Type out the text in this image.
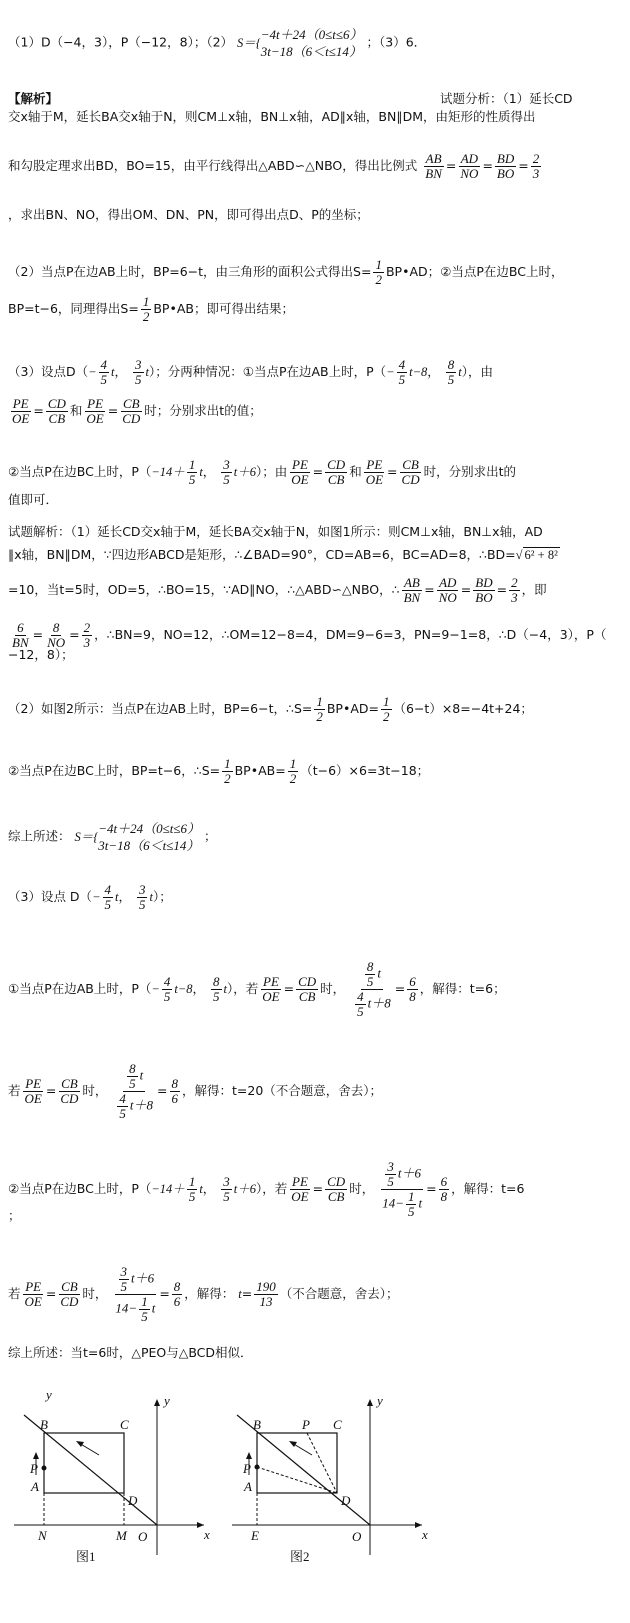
（1）D（−4，3），P（−12，8）；（2） S＝{
−4t＋24（0≤t≤6）
3t−18（6＜t≤14）
；（3）6．
【解析】	试题分析：（1）延长CD
交x轴于M，延长BA交x轴于N，则CM⊥x轴，BN⊥x轴，AD∥x轴，BN∥DM，由矩形的性质得出
和勾股定理求出BD，BO=15，由平行线得出△ABD∽△NBO，得出比例式 $\frac{AB}{BN} = \frac{AD}{NO} = \frac{BD}{BO} = \frac{2}{3}$
，求出BN、NO，得出OM、DN、PN，即可得出点D、P的坐标；
（2）当点P在边AB上时，BP=6−t，由三角形的面积公式得出$S= \frac{1}{2}$ BP•AD；②当点P在边BC上时，
BP=t−6，同理得出$S= \frac{1}{2}$ BP•AB；即可得出结果；
（3）设点$D(- \frac{4}{5}$ t， $\frac{3}{5} t$）；分两种情况：①当点P在边AB上时，$P(- \frac{4}{5} t-8$， $\frac{8}{5} t$），由
$\frac{PE}{OE} = \frac{CD}{CB}$ 和 $\frac{PE}{OE} = \frac{CB}{CD}$ 时；分别求出t的值；
②当点P在边BC上时，$P(-14+ \frac{1}{5}$ t， $\frac{3}{5} t+6$）；由 $\frac{PE}{OE} = \frac{CD}{CB}$ 和 $\frac{PE}{OE} = \frac{CB}{CD}$ 时，分别求出t的
值即可．
试题解析：（1）延长CD交x轴于M，延长BA交x轴于N，如图1所示：则CM⊥x轴，BN⊥x轴，AD
∥x轴，BN∥DM，∵四边形ABCD是矩形，∴∠BAD=90°，CD=AB=6，BC=AD=8，∴BD=√ 6² + 8²
=10，当t=5时，OD=5，∴BO=15，∵AD∥NO，∴△ABD∽△NBO，∴ $\frac{AB}{BN} = \frac{AD}{NO} = \frac{BD}{BO} = \frac{2}{3}$ ，即
$\frac{6}{BN} = \frac{8}{NO} = \frac{2}{3}$ ，∴BN=9，NO=12，∴OM=12−8=4，DM=9−6=3，PN=9−1=8，∴D（−4，3），P（
−12，8）；
（2）如图2所示：当点P在边AB上时，BP=6−t，∴S= $\frac{1}{2}$ BP•AD= $\frac{1}{2} (6-t)\times 8=-4t+24$；
②当点P在边BC上时，BP=t−6，∴S= $\frac{1}{2}$ BP•AB= $\frac{1}{2} (t-6)\times 6=3t-18$；
综上所述： S＝{
−4t＋24（0≤t≤6）
3t−18（6＜t≤14）
；
（3）设点 $D(- \frac{4}{5}$ t， $\frac{3}{5} t$）；
①当点P在边AB上时，$P(- \frac{4}{5} t-8$， $\frac{8}{5} t$），若 $\frac{PE}{OE} = \frac{CD}{CB}$ 时， $\frac{\frac{8}{5} t}{\frac{4}{5} t+8} = \frac{6}{8}$ ，解得：t=6；
若 $\frac{PE}{OE} = \frac{CB}{CD}$ 时， $\frac{\frac{8}{5} t}{\frac{4}{5} t+8} = \frac{8}{6}$ ，解得：t=20（不合题意，舍去）；
②当点P在边BC上时，$P(-14+ \frac{1}{5}$ t， $\frac{3}{5} t+6$），若 $\frac{PE}{OE} = \frac{CD}{CB}$ 时， $\frac{\frac{3}{5} t+6}{14- \frac{1}{5} t} = \frac{6}{8}$ ，解得：t=6
；
若 $\frac{PE}{OE} = \frac{CB}{CD}$ 时， $\frac{\frac{3}{5} t+6}{14- \frac{1}{5} t} = \frac{8}{6}$ ，解得： $t= \frac{190}{13}$ （不合题意，舍去）；
综上所述：当t=6时，△PEO与△BCD相似．
y	y
x
O
B	C
D
A
P
N	M
图1
y
x
O
B	P C
D
A
P
E
图2
